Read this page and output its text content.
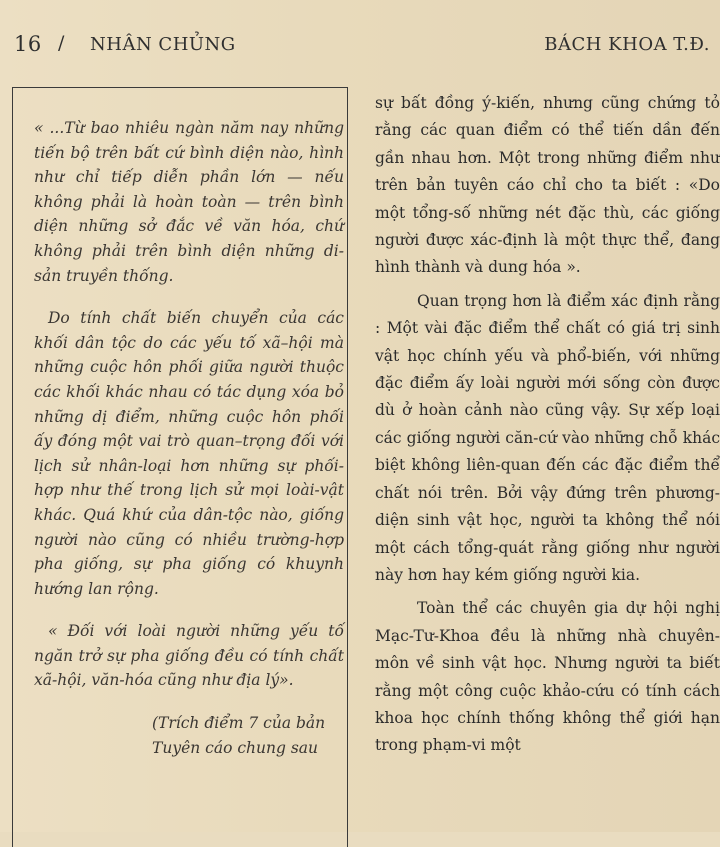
16 / NHÂN CHỦNG	BÁCH KHOA T.Đ.

« ...Từ bao nhiêu ngàn năm nay những tiến bộ trên bất cứ bình diện nào, hình như chỉ tiếp diễn phần lớn — nếu không phải là hoàn toàn — trên bình diện những sở đắc về văn hóa, chứ không phải trên bình diện những di-sản truyền thống.

Do tính chất biến chuyển của các khối dân tộc do các yếu tố xã–hội mà những cuộc hôn phối giữa người thuộc các khối khác nhau có tác dụng xóa bỏ những dị điểm, những cuộc hôn phối ấy đóng một vai trò quan–trọng đối với lịch sử nhân-loại hơn những sự phối-hợp như thế trong lịch sử mọi loài-vật khác. Quá khứ của dân-tộc nào, giống người nào cũng có nhiều trường-hợp pha giống, sự pha giống có khuynh hướng lan rộng.

« Đối với loài người những yếu tố ngăn trở sự pha giống đều có tính chất xã-hội, văn-hóa cũng như địa lý».

(Trích điểm 7 của bản Tuyên cáo chung sau

sự bất đồng ý-kiến, nhưng cũng chứng tỏ rằng các quan điểm có thể tiến dần đến gần nhau hơn. Một trong những điểm như trên bản tuyên cáo chỉ cho ta biết : «Do một tổng-số những nét đặc thù, các giống người được xác-định là một thực thể, đang hình thành và dung hóa ».

Quan trọng hơn là điểm xác định rằng : Một vài đặc điểm thể chất có giá trị sinh vật học chính yếu và phổ-biến, với những đặc điểm ấy loài người mới sống còn được dù ở hoàn cảnh nào cũng vậy. Sự xếp loại các giống người căn-cứ vào những chỗ khác biệt không liên-quan đến các đặc điểm thể chất nói trên. Bởi vậy đứng trên phương-diện sinh vật học, người ta không thể nói một cách tổng-quát rằng giống như người này hơn hay kém giống người kia.

Toàn thể các chuyên gia dự hội nghị Mạc-Tư-Khoa đều là những nhà chuyên-môn về sinh vật học. Nhưng người ta biết rằng một công cuộc khảo-cứu có tính cách khoa học chính thống không thể giới hạn trong phạm-vi một
